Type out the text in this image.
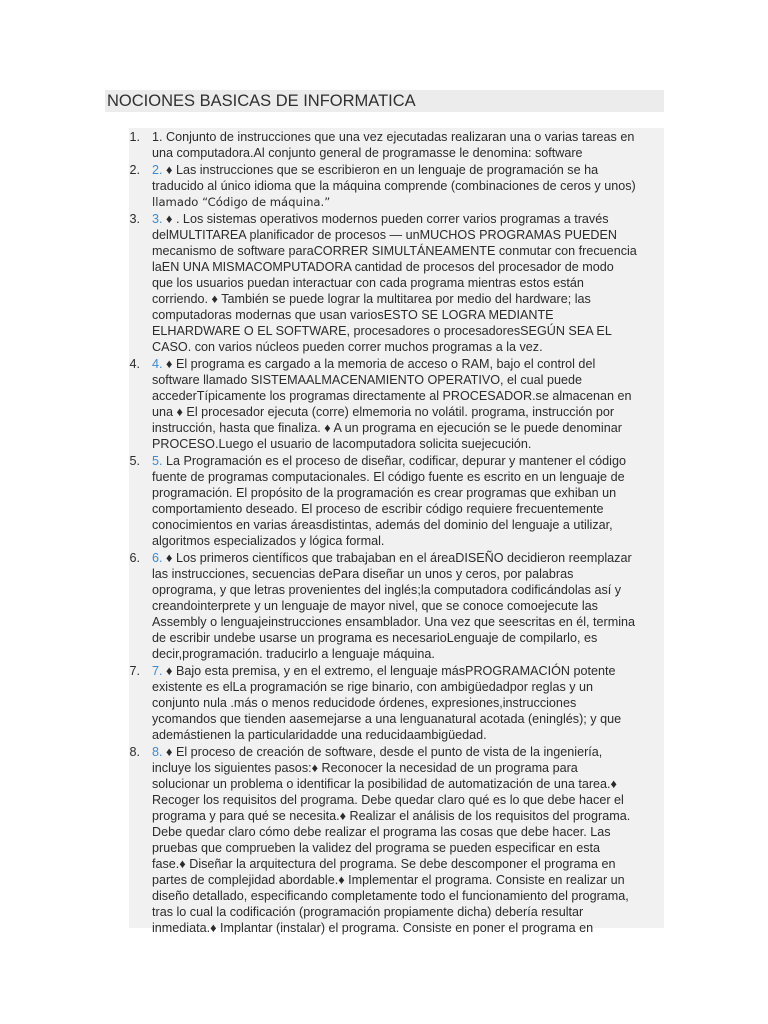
NOCIONES BASICAS DE INFORMATICA
1. 1. Conjunto de instrucciones que una vez ejecutadas realizaran una o varias tareas en
una computadora.Al conjunto general de programasse le denomina: software
2. 2. ♦ Las instrucciones que se escribieron en un lenguaje de programación se ha
traducido al único idioma que la máquina comprende (combinaciones de ceros y unos)
llamado “Código de máquina.”
3. 3. ♦ . Los sistemas operativos modernos pueden correr varios programas a través
delMULTITAREA planificador de procesos — unMUCHOS PROGRAMAS PUEDEN
mecanismo de software paraCORRER SIMULTÁNEAMENTE conmutar con frecuencia
laEN UNA MISMACOMPUTADORA cantidad de procesos del procesador de modo
que los usuarios puedan interactuar con cada programa mientras estos están
corriendo. ♦ También se puede lograr la multitarea por medio del hardware; las
computadoras modernas que usan variosESTO SE LOGRA MEDIANTE
ELHARDWARE O EL SOFTWARE, procesadores o procesadoresSEGÚN SEA EL
CASO. con varios núcleos pueden correr muchos programas a la vez.
4. 4. ♦ El programa es cargado a la memoria de acceso o RAM, bajo el control del
software llamado SISTEMAALMACENAMIENTO OPERATIVO, el cual puede
accederTípicamente los programas directamente al PROCESADOR.se almacenan en
una ♦ El procesador ejecuta (corre) elmemoria no volátil. programa, instrucción por
instrucción, hasta que finaliza. ♦ A un programa en ejecución se le puede denominar
PROCESO.Luego el usuario de lacomputadora solicita suejecución.
5. 5. La Programación es el proceso de diseñar, codificar, depurar y mantener el código
fuente de programas computacionales. El código fuente es escrito en un lenguaje de
programación. El propósito de la programación es crear programas que exhiban un
comportamiento deseado. El proceso de escribir código requiere frecuentemente
conocimientos en varias áreasdistintas, además del dominio del lenguaje a utilizar,
algoritmos especializados y lógica formal.
6. 6. ♦ Los primeros científicos que trabajaban en el áreaDISEÑO decidieron reemplazar
las instrucciones, secuencias dePara diseñar un unos y ceros, por palabras
oprograma, y que letras provenientes del inglés;la computadora codificándolas así y
creandointerprete y un lenguaje de mayor nivel, que se conoce comoejecute las
Assembly o lenguajeinstrucciones ensamblador. Una vez que seescritas en él, termina
de escribir undebe usarse un programa es necesarioLenguaje de compilarlo, es
decir,programación. traducirlo a lenguaje máquina.
7. 7. ♦ Bajo esta premisa, y en el extremo, el lenguaje másPROGRAMACIÓN potente
existente es elLa programación se rige binario, con ambigüedadpor reglas y un
conjunto nula .más o menos reducidode órdenes, expresiones,instrucciones
ycomandos que tienden aasemejarse a una lenguanatural acotada (eninglés); y que
ademástienen la particularidadde una reducidaambigüedad.
8. 8. ♦ El proceso de creación de software, desde el punto de vista de la ingeniería,
incluye los siguientes pasos:♦ Reconocer la necesidad de un programa para
solucionar un problema o identificar la posibilidad de automatización de una tarea.♦
Recoger los requisitos del programa. Debe quedar claro qué es lo que debe hacer el
programa y para qué se necesita.♦ Realizar el análisis de los requisitos del programa.
Debe quedar claro cómo debe realizar el programa las cosas que debe hacer. Las
pruebas que comprueben la validez del programa se pueden especificar en esta
fase.♦ Diseñar la arquitectura del programa. Se debe descomponer el programa en
partes de complejidad abordable.♦ Implementar el programa. Consiste en realizar un
diseño detallado, especificando completamente todo el funcionamiento del programa,
tras lo cual la codificación (programación propiamente dicha) debería resultar
inmediata.♦ Implantar (instalar) el programa. Consiste en poner el programa en
